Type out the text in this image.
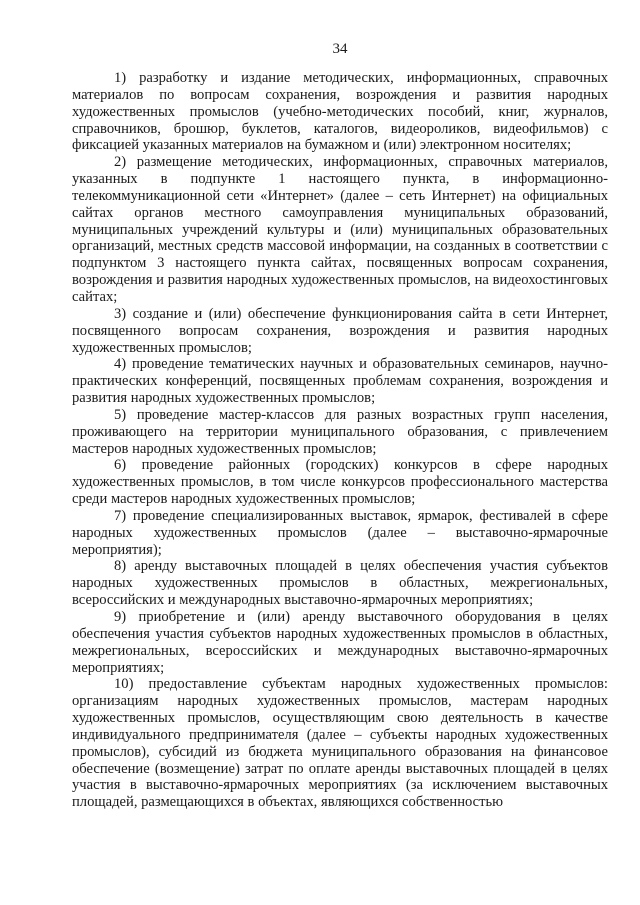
34

1) разработку и издание методических, информационных, справочных материалов по вопросам сохранения, возрождения и развития народных художественных промыслов (учебно-методических пособий, книг, журналов, справочников, брошюр, буклетов, каталогов, видеороликов, видеофильмов) с фиксацией указанных материалов на бумажном и (или) электронном носителях;

2) размещение методических, информационных, справочных материалов, указанных в подпункте 1 настоящего пункта, в информационно-телекоммуникационной сети «Интернет» (далее – сеть Интернет) на официальных сайтах органов местного самоуправления муниципальных образований, муниципальных учреждений культуры и (или) муниципальных образовательных организаций, местных средств массовой информации, на созданных в соответствии с подпунктом 3 настоящего пункта сайтах, посвященных вопросам сохранения, возрождения и развития народных художественных промыслов, на видеохостинговых сайтах;

3) создание и (или) обеспечение функционирования сайта в сети Интернет, посвященного вопросам сохранения, возрождения и развития народных художественных промыслов;

4) проведение тематических научных и образовательных семинаров, научно-практических конференций, посвященных проблемам сохранения, возрождения и развития народных художественных промыслов;

5) проведение мастер-классов для разных возрастных групп населения, проживающего на территории муниципального образования, с привлечением мастеров народных художественных промыслов;

6) проведение районных (городских) конкурсов в сфере народных художественных промыслов, в том числе конкурсов профессионального мастерства среди мастеров народных художественных промыслов;

7) проведение специализированных выставок, ярмарок, фестивалей в сфере народных художественных промыслов (далее – выставочно-ярмарочные мероприятия);

8) аренду выставочных площадей в целях обеспечения участия субъектов народных художественных промыслов в областных, межрегиональных, всероссийских и международных выставочно-ярмарочных мероприятиях;

9) приобретение и (или) аренду выставочного оборудования в целях обеспечения участия субъектов народных художественных промыслов в областных, межрегиональных, всероссийских и международных выставочно-ярмарочных мероприятиях;

10) предоставление субъектам народных художественных промыслов: организациям народных художественных промыслов, мастерам народных художественных промыслов, осуществляющим свою деятельность в качестве индивидуального предпринимателя (далее – субъекты народных художественных промыслов), субсидий из бюджета муниципального образования на финансовое обеспечение (возмещение) затрат по оплате аренды выставочных площадей в целях участия в выставочно-ярмарочных мероприятиях (за исключением выставочных площадей, размещающихся в объектах, являющихся собственностью
